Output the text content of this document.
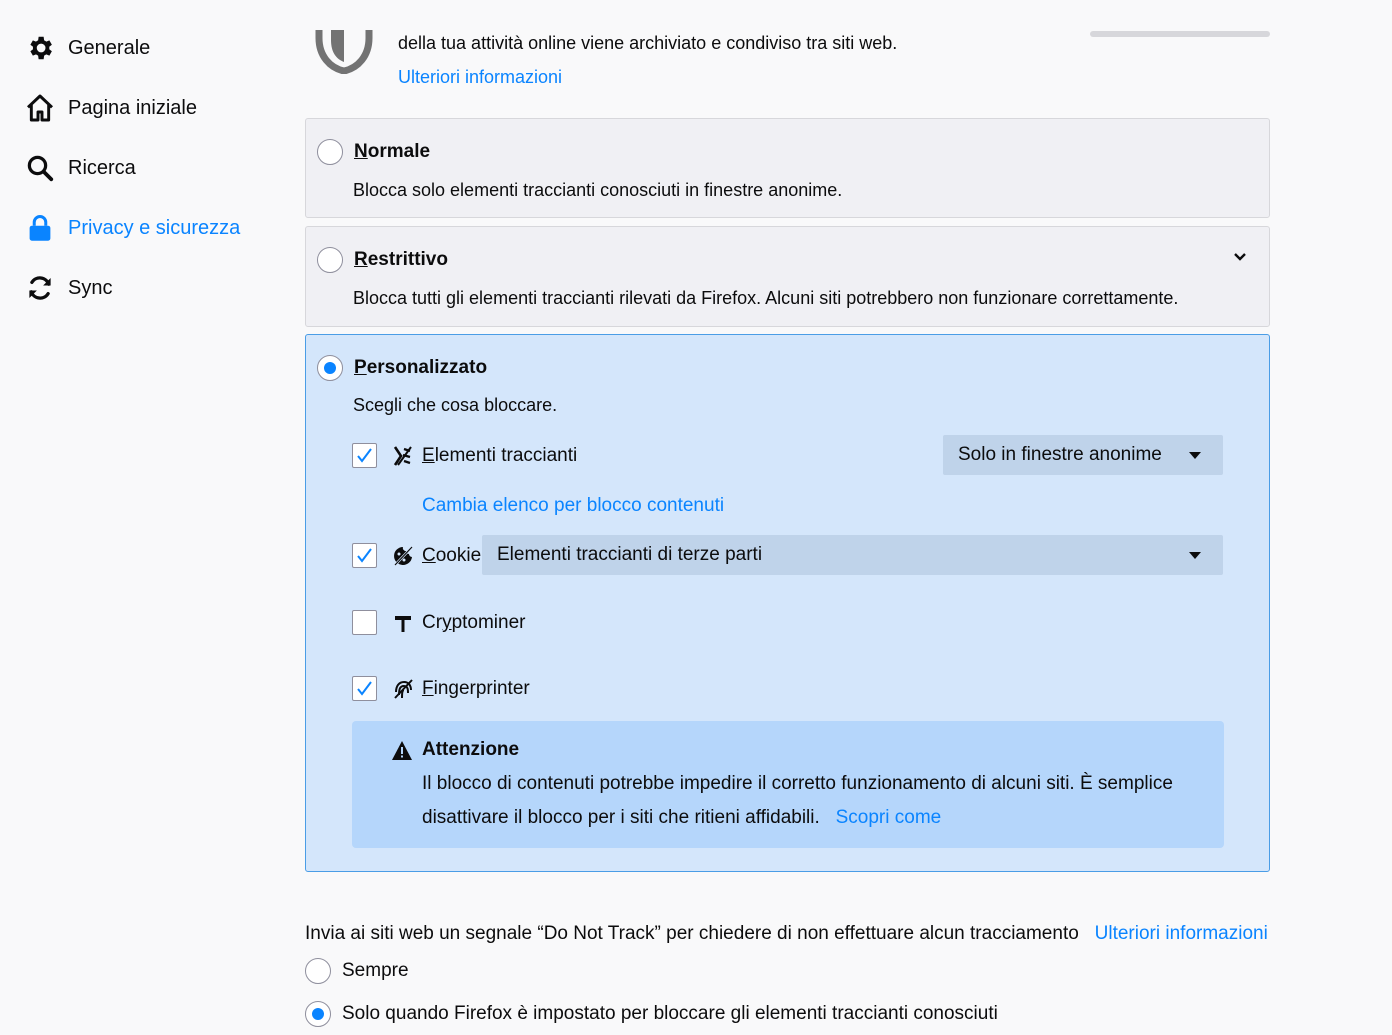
Generale
Pagina iniziale
Ricerca
Privacy e sicurezza
Sync
della tua attività online viene archiviato e condiviso tra siti web.
Ulteriori informazioni
Normale
Blocca solo elementi traccianti conosciuti in finestre anonime.
Restrittivo
Blocca tutti gli elementi traccianti rilevati da Firefox. Alcuni siti potrebbero non funzionare correttamente.
Personalizzato
Scegli che cosa bloccare.
Elementi traccianti	Solo in finestre anonime
Cambia elenco per blocco contenuti
Cookie Elementi traccianti di terze parti
Cryptominer
Fingerprinter
Attenzione
Il blocco di contenuti potrebbe impedire il corretto funzionamento di alcuni siti. È semplice
disattivare il blocco per i siti che ritieni affidabili. Scopri come
Invia ai siti web un segnale “Do Not Track” per chiedere di non effettuare alcun tracciamento Ulteriori informazioni
Sempre
Solo quando Firefox è impostato per bloccare gli elementi traccianti conosciuti
